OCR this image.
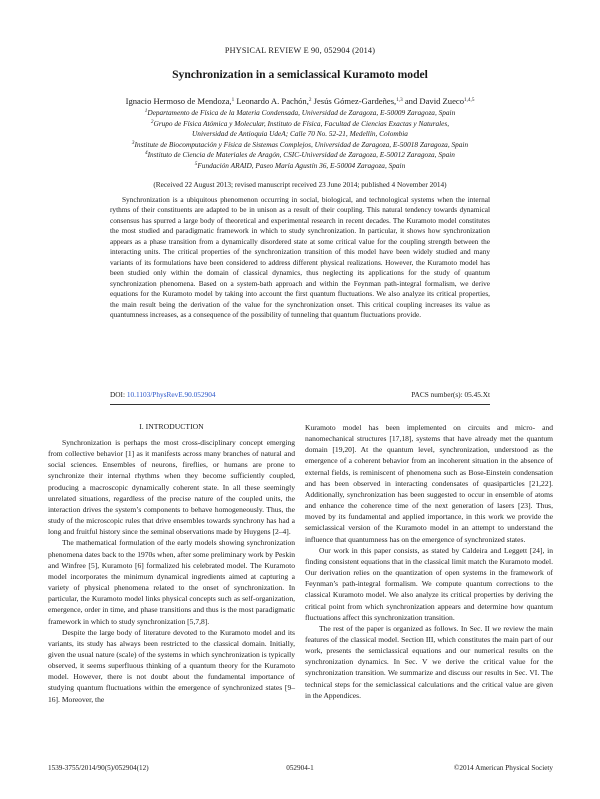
PHYSICAL REVIEW E 90, 052904 (2014)
Synchronization in a semiclassical Kuramoto model
Ignacio Hermoso de Mendoza,$^1$ Leonardo A. Pachón,$^2$ Jesús Gómez-Gardeñes,$^{1,3}$ and David Zueco$^{1,4,5}$
$^1$Departamento de Física de la Materia Condensada, Universidad de Zaragoza, E-50009 Zaragoza, Spain
$^2$Grupo de Física Atómica y Molecular, Instituto de Física, Facultad de Ciencias Exactas y Naturales,
Universidad de Antioquia UdeA; Calle 70 No. 52-21, Medellín, Colombia
$^3$Institute de Biocomputación y Física de Sistemas Complejos, Universidad de Zaragoza, E-50018 Zaragoza, Spain
$^4$Instituto de Ciencia de Materiales de Aragón, CSIC-Universidad de Zaragoza, E-50012 Zaragoza, Spain
$^5$Fundación ARAID, Paseo María Agustín 36, E-50004 Zaragoza, Spain
(Received 22 August 2013; revised manuscript received 23 June 2014; published 4 November 2014)
Synchronization is a ubiquitous phenomenon occurring in social, biological, and technological systems when the internal rythms of their constituents are adapted to be in unison as a result of their coupling. This natural tendency towards dynamical consensus has spurred a large body of theoretical and experimental research in recent decades. The Kuramoto model constitutes the most studied and paradigmatic framework in which to study synchronization. In particular, it shows how synchronization appears as a phase transition from a dynamically disordered state at some critical value for the coupling strength between the interacting units. The critical properties of the synchronization transition of this model have been widely studied and many variants of its formulations have been considered to address different physical realizations. However, the Kuramoto model has been studied only within the domain of classical dynamics, thus neglecting its applications for the study of quantum synchronization phenomena. Based on a system-bath approach and within the Feynman path-integral formalism, we derive equations for the Kuramoto model by taking into account the first quantum fluctuations. We also analyze its critical properties, the main result being the derivation of the value for the synchronization onset. This critical coupling increases its value as quantumness increases, as a consequence of the possibility of tunneling that quantum fluctuations provide.
DOI: 10.1103/PhysRevE.90.052904	PACS number(s): 05.45.Xt
I. INTRODUCTION

Synchronization is perhaps the most cross-disciplinary concept emerging from collective behavior [1] as it manifests across many branches of natural and social sciences. Ensembles of neurons, fireflies, or humans are prone to synchronize their internal rhythms when they become sufficiently coupled, producing a macroscopic dynamically coherent state. In all these seemingly unrelated situations, regardless of the precise nature of the coupled units, the interaction drives the system’s components to behave homogeneously. Thus, the study of the microscopic rules that drive ensembles towards synchrony has had a long and fruitful history since the seminal observations made by Huygens [2–4].

The mathematical formulation of the early models showing synchronization phenomena dates back to the 1970s when, after some preliminary work by Peskin and Winfree [5], Kuramoto [6] formalized his celebrated model. The Kuramoto model incorporates the minimum dynamical ingredients aimed at capturing a variety of physical phenomena related to the onset of synchronization. In particular, the Kuramoto model links physical concepts such as self-organization, emergence, order in time, and phase transitions and thus is the most paradigmatic framework in which to study synchronization [5,7,8].

Despite the large body of literature devoted to the Kuramoto model and its variants, its study has always been restricted to the classical domain. Initially, given the usual nature (scale) of the systems in which synchronization is typically observed, it seems superfluous thinking of a quantum theory for the Kuramoto model. However, there is not doubt about the fundamental importance of studying quantum fluctuations within the emergence of synchronized states [9–16]. Moreover, the

Kuramoto model has been implemented on circuits and micro- and nanomechanical structures [17,18], systems that have already met the quantum domain [19,20]. At the quantum level, synchronization, understood as the emergence of a coherent behavior from an incoherent situation in the absence of external fields, is reminiscent of phenomena such as Bose-Einstein condensation and has been observed in interacting condensates of quasiparticles [21,22]. Additionally, synchronization has been suggested to occur in ensemble of atoms and enhance the coherence time of the next generation of lasers [23]. Thus, moved by its fundamental and applied importance, in this work we provide the semiclassical version of the Kuramoto model in an attempt to understand the influence that quantumness has on the emergence of synchronized states.

Our work in this paper consists, as stated by Caldeira and Leggett [24], in finding consistent equations that in the classical limit match the Kuramoto model. Our derivation relies on the quantization of open systems in the framework of Feynman’s path-integral formalism. We compute quantum corrections to the classical Kuramoto model. We also analyze its critical properties by deriving the critical point from which synchronization appears and determine how quantum fluctuations affect this synchronization transition.

The rest of the paper is organized as follows. In Sec. II we review the main features of the classical model. Section III, which constitutes the main part of our work, presents the semiclassical equations and our numerical results on the synchronization dynamics. In Sec. V we derive the critical value for the synchronization transition. We summarize and discuss our results in Sec. VI. The technical steps for the semiclassical calculations and the critical value are given in the Appendices.

1539-3755/2014/90(5)/052904(12)	052904-1	©2014 American Physical Society
